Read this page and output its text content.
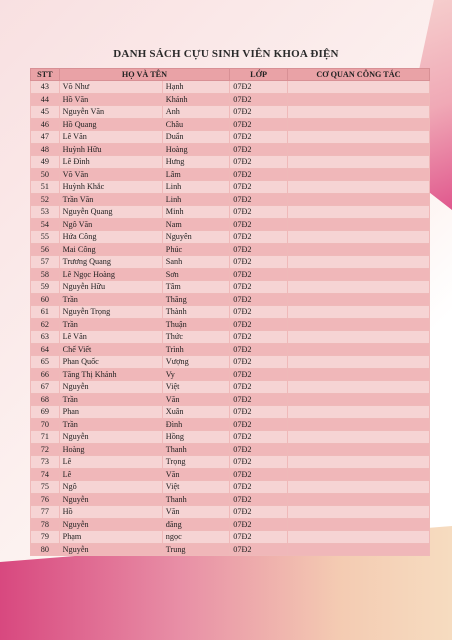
DANH SÁCH CỰU SINH VIÊN KHOA ĐIỆN
STT	HỌ VÀ TÊN		LỚP	CƠ QUAN CÔNG TÁC
43	Võ Như	Hạnh	07Đ2	
44	Hồ Văn	Khánh	07Đ2	
45	Nguyễn Văn	Anh	07Đ2	
46	Hồ Quang	Châu	07Đ2	
47	Lê Văn	Duẩn	07Đ2	
48	Huỳnh Hữu	Hoàng	07Đ2	
49	Lê Đình	Hưng	07Đ2	
50	Võ Văn	Lâm	07Đ2	
51	Huỳnh Khắc	Linh	07Đ2	
52	Trần Văn	Linh	07Đ2	
53	Nguyễn Quang	Minh	07Đ2	
54	Ngô Văn	Nam	07Đ2	
55	Hứa Công	Nguyên	07Đ2	
56	Mai Công	Phúc	07Đ2	
57	Trương Quang	Sanh	07Đ2	
58	Lê Ngọc Hoàng	Sơn	07Đ2	
59	Nguyễn Hữu	Tâm	07Đ2	
60	Trần	Thăng	07Đ2	
61	Nguyễn Trọng	Thành	07Đ2	
62	Trần	Thuận	07Đ2	
63	Lê Văn	Thức	07Đ2	
64	Chế Viết	Trình	07Đ2	
65	Phan Quốc	Vượng	07Đ2	
66	Tăng Thị Khánh	Vy	07Đ2	
67	Nguyễn	Việt	07Đ2	
68	Trần	Văn	07Đ2	
69	Phan	Xuân	07Đ2	
70	Trần	Đình	07Đ2	
71	Nguyễn	Hồng	07Đ2	
72	Hoàng	Thanh	07Đ2	
73	Lê	Trọng	07Đ2	
74	Lê	Văn	07Đ2	
75	Ngô	Việt	07Đ2	
76	Nguyễn	Thanh	07Đ2	
77	Hồ	Văn	07Đ2	
78	Nguyễn	đăng	07Đ2	
79	Phạm	ngọc	07Đ2	
80	Nguyễn	Trung	07Đ2	
